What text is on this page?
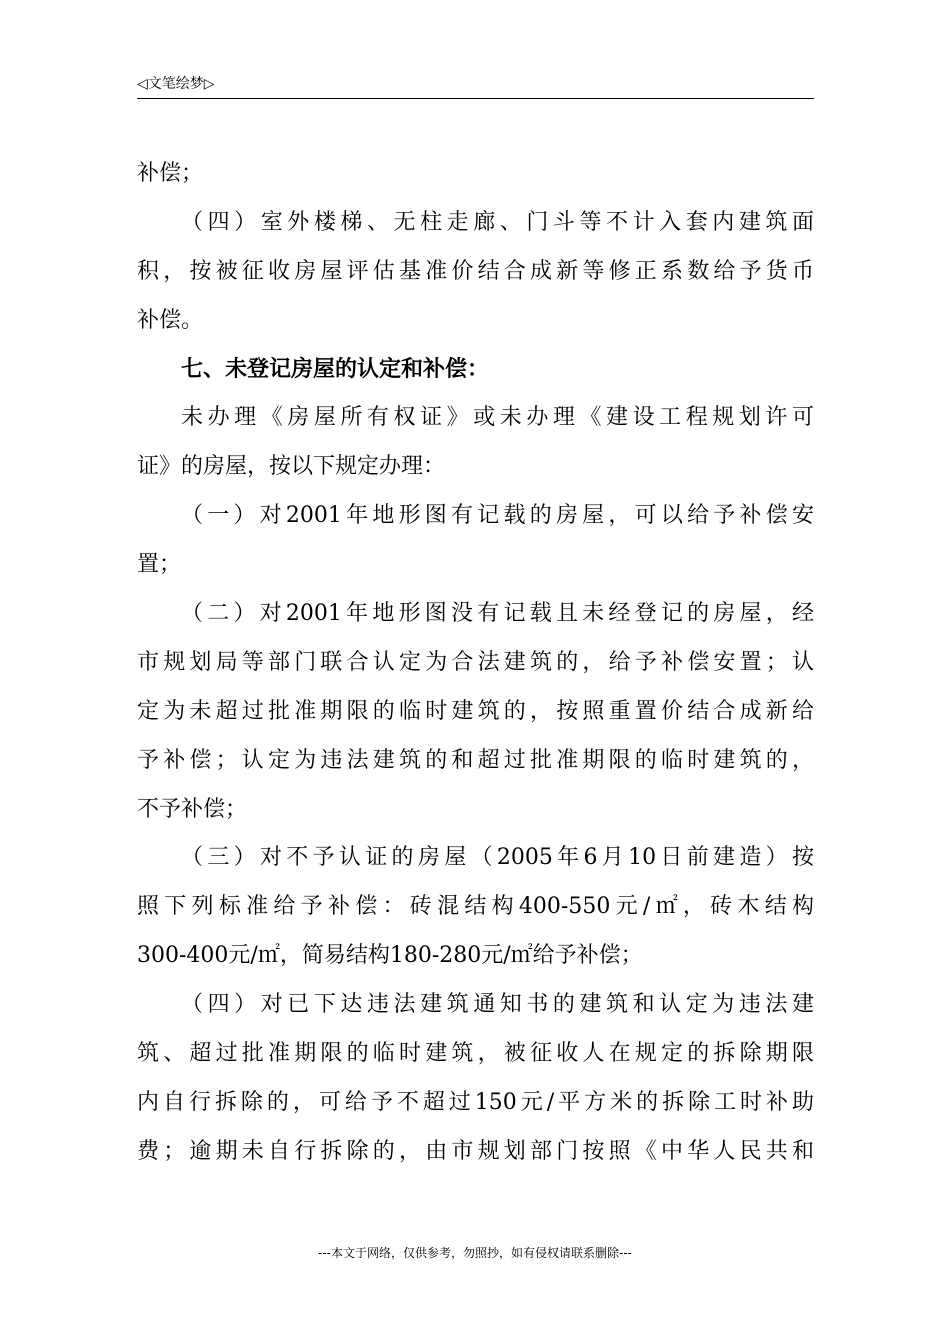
◁文笔绘梦▷
补偿；
（四）室外楼梯、无柱走廊、门斗等不计入套内建筑面
积，按被征收房屋评估基准价结合成新等修正系数给予货币
补偿。
七、未登记房屋的认定和补偿：
未办理《房屋所有权证》或未办理《建设工程规划许可
证》的房屋，按以下规定办理：
（一）对2001年地形图有记载的房屋，可以给予补偿安
置；
（二）对2001年地形图没有记载且未经登记的房屋，经
市规划局等部门联合认定为合法建筑的，给予补偿安置；认
定为未超过批准期限的临时建筑的，按照重置价结合成新给
予补偿；认定为违法建筑的和超过批准期限的临时建筑的，
不予补偿；
（三）对不予认证的房屋（2005年6月10日前建造）按
照下列标准给予补偿：砖混结构400-550元/㎡，砖木结构
300-400元/㎡，简易结构180-280元/㎡给予补偿；
（四）对已下达违法建筑通知书的建筑和认定为违法建
筑、超过批准期限的临时建筑，被征收人在规定的拆除期限
内自行拆除的，可给予不超过150元/平方米的拆除工时补助
费；逾期未自行拆除的，由市规划部门按照《中华人民共和
---本文于网络，仅供参考，勿照抄，如有侵权请联系删除---
